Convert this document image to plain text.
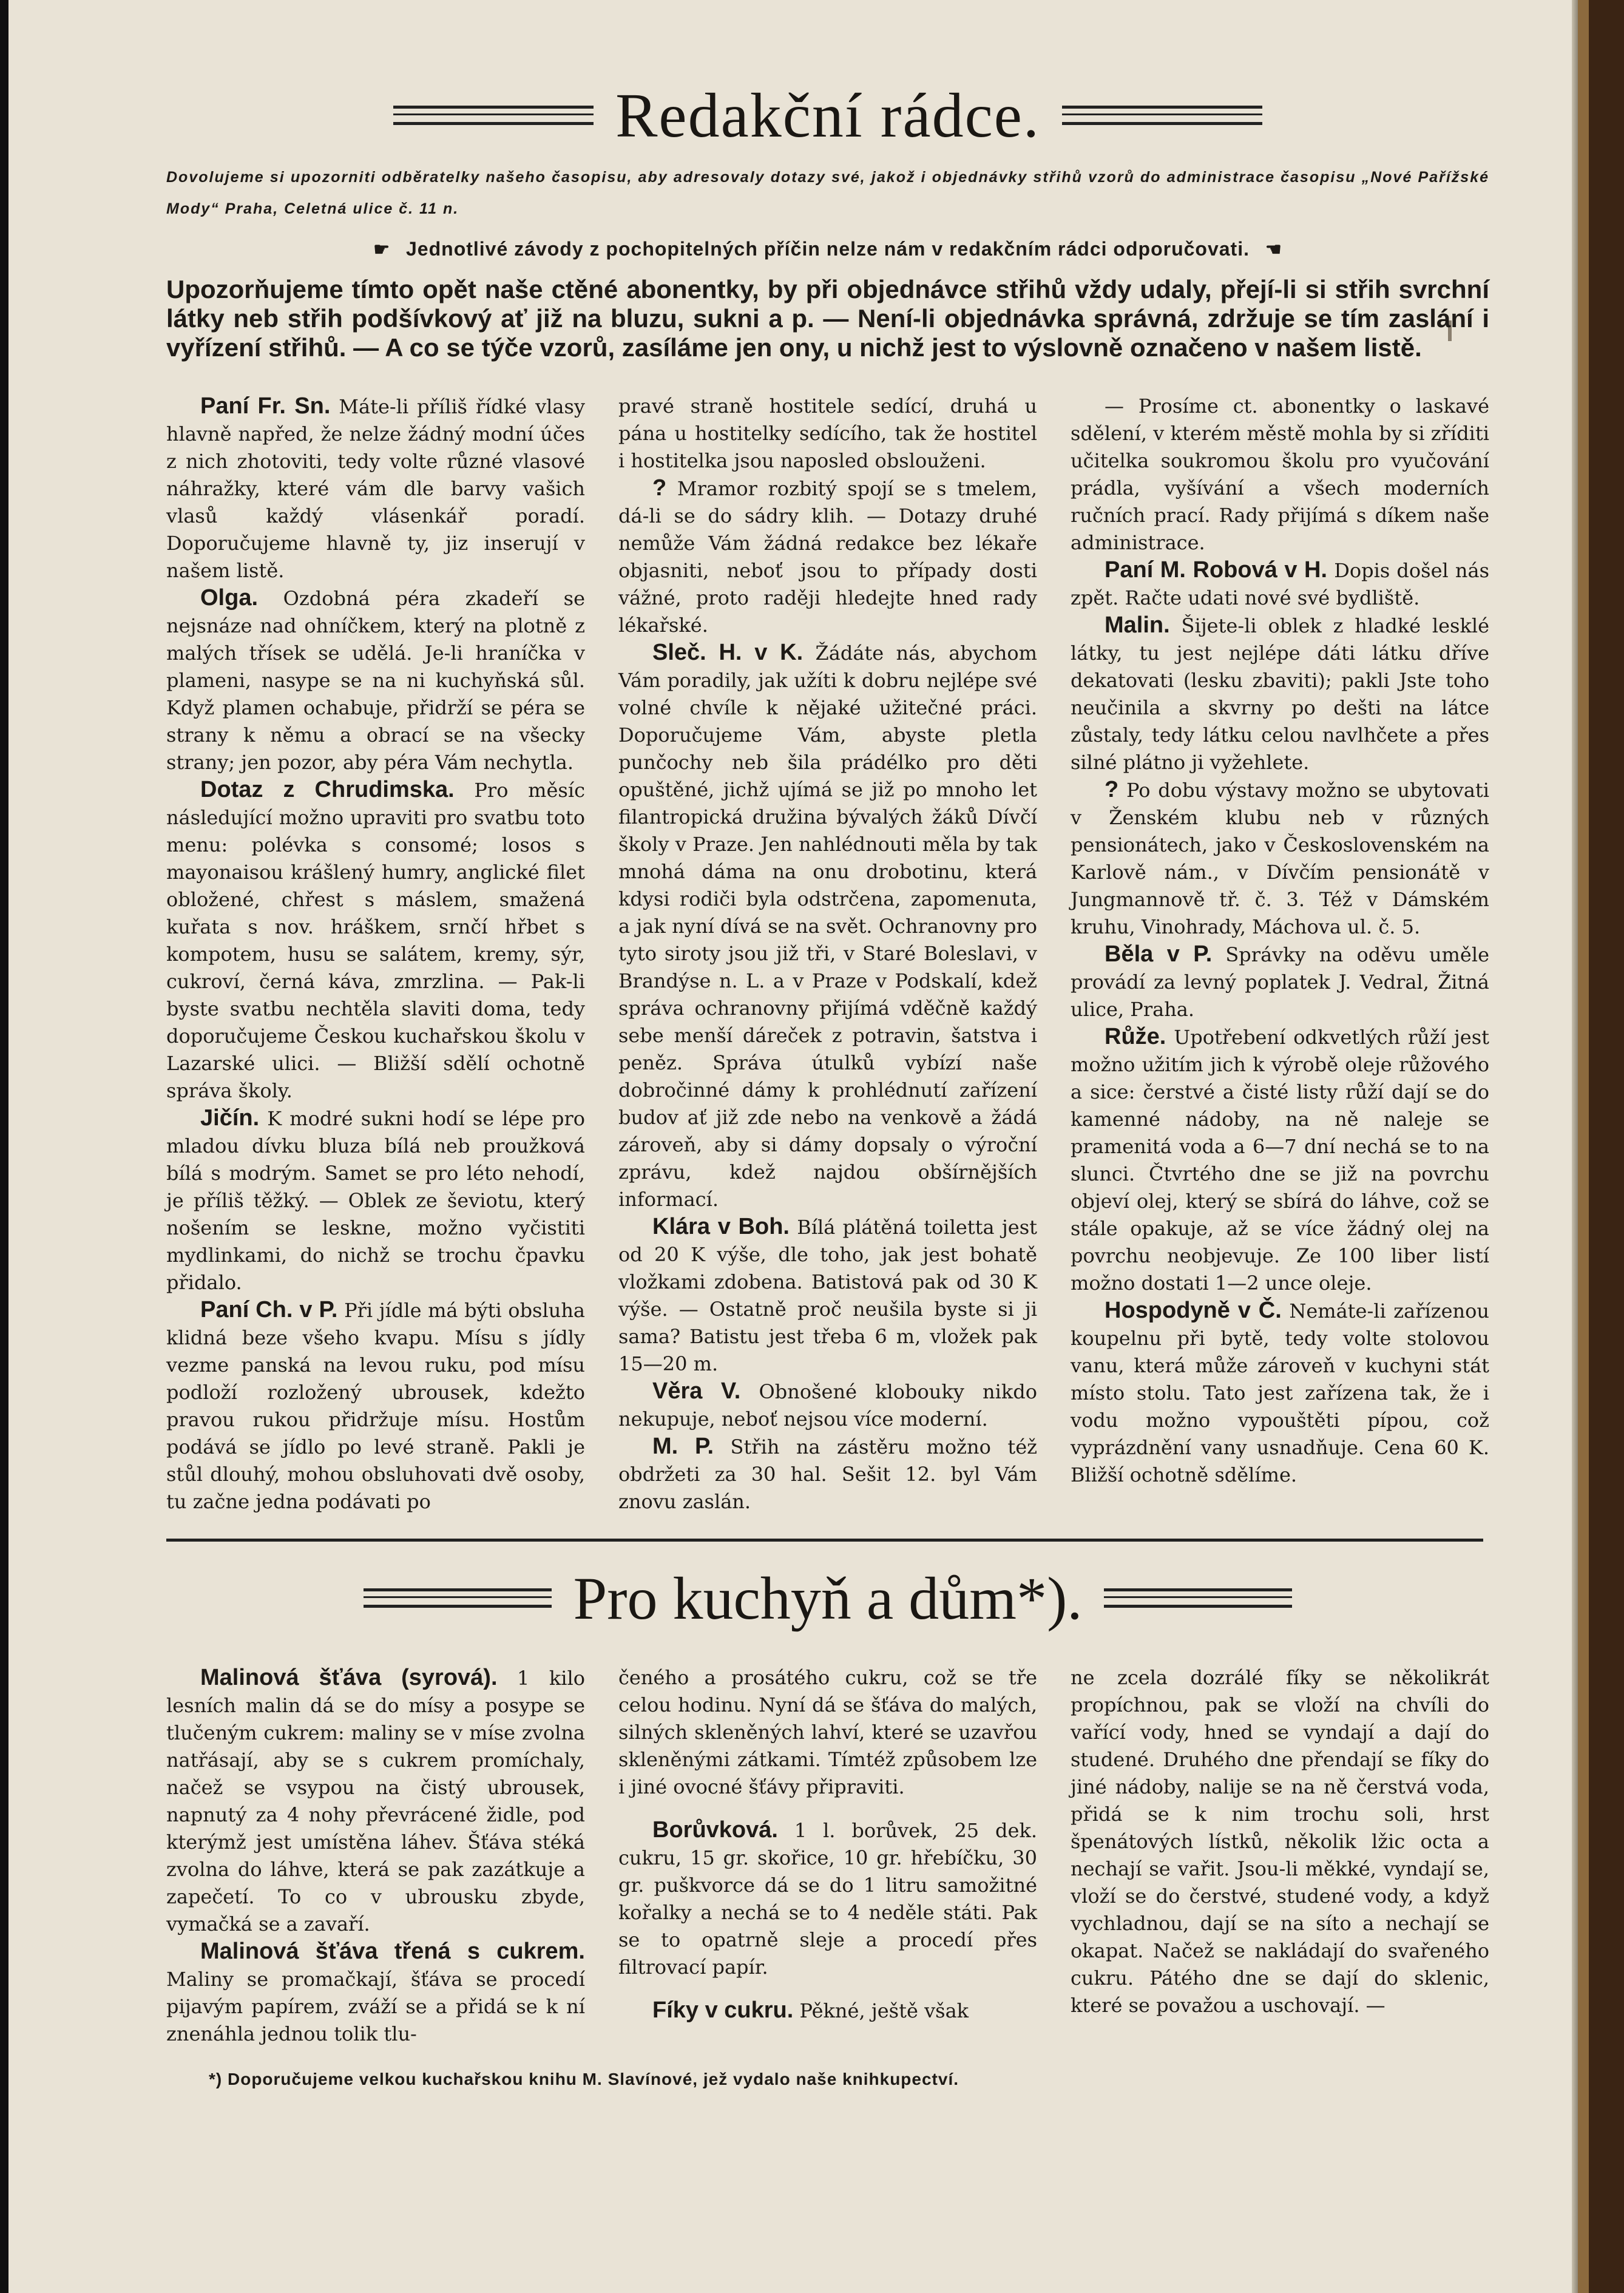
Redakční rádce.
Dovolujeme si upozorniti odběratelky našeho časopisu, aby adresovaly dotazy své, jakož i objednávky střihů vzorů do administrace časopisu „Nové Pařížské Mody“ Praha, Celetná ulice č. 11 n.
☛ Jednotlivé závody z pochopitelných příčin nelze nám v redakčním rádci odporučovati. ☚
Upozorňujeme tímto opět naše ctěné abonentky, by při objednávce střihů vždy udaly, přejí-li si střih svrchní látky neb střih podšívkový ať již na bluzu, sukni a p. — Není-li objednávka správná, zdržuje se tím zaslání i vyřízení střihů. — A co se týče vzorů, zasíláme jen ony, u nichž jest to výslovně označeno v našem listě.

Paní Fr. Sn. Máte-li příliš řídké vlasy hlavně napřed, že nelze žádný modní účes z nich zhotoviti, tedy volte různé vlasové náhražky, které vám dle barvy vašich vlasů každý vlásenkář poradí. Doporučujeme hlavně ty, jiz inserují v našem listě.

Olga. Ozdobná péra zkadeří se nejsnáze nad ohníčkem, který na plotně z malých třísek se udělá. Je-li hraníčka v plameni, nasype se na ni kuchyňská sůl. Když plamen ochabuje, přidrží se péra se strany k němu a obrací se na všecky strany; jen pozor, aby péra Vám nechytla.

Dotaz z Chrudimska. Pro měsíc následující možno upraviti pro svatbu toto menu: polévka s consomé; losos s mayonaisou krášlený humry, anglické filet obložené, chřest s máslem, smažená kuřata s nov. hráškem, srnčí hřbet s kompotem, husu se salátem, kremy, sýr, cukroví, černá káva, zmrzlina. — Pak-li byste svatbu nechtěla slaviti doma, tedy doporučujeme Českou kuchařskou školu v Lazarské ulici. — Bližší sdělí ochotně správa školy.

Jičín. K modré sukni hodí se lépe pro mladou dívku bluza bílá neb proužková bílá s modrým. Samet se pro léto nehodí, je příliš těžký. — Oblek ze ševiotu, který nošením se leskne, možno vyčistiti mydlinkami, do nichž se trochu čpavku přidalo.

Paní Ch. v P. Při jídle má býti obsluha klidná beze všeho kvapu. Mísu s jídly vezme panská na levou ruku, pod mísu podloží rozložený ubrousek, kdežto pravou rukou přidržuje mísu. Hostům podává se jídlo po levé straně. Pakli je stůl dlouhý, mohou obsluhovati dvě osoby, tu začne jedna podávati po

pravé straně hostitele sedící, druhá u pána u hostitelky sedícího, tak že hostitel i hostitelka jsou naposled obslouženi.

? Mramor rozbitý spojí se s tmelem, dá-li se do sádry klih. — Dotazy druhé nemůže Vám žádná redakce bez lékaře objasniti, neboť jsou to případy dosti vážné, proto raději hledejte hned rady lékařské.

Sleč. H. v K. Žádáte nás, abychom Vám poradily, jak užíti k dobru nejlépe své volné chvíle k nějaké užitečné práci. Doporučujeme Vám, abyste pletla punčochy neb šila prádélko pro děti opuštěné, jichž ujímá se již po mnoho let filantropická družina bývalých žáků Dívčí školy v Praze. Jen nahlédnouti měla by tak mnohá dáma na onu drobotinu, která kdysi rodiči byla odstrčena, zapomenuta, a jak nyní dívá se na svět. Ochranovny pro tyto siroty jsou již tři, v Staré Boleslavi, v Brandýse n. L. a v Praze v Podskalí, kdež správa ochranovny přijímá vděčně každý sebe menší dáreček z potravin, šatstva i peněz. Správa útulků vybízí naše dobročinné dámy k prohlédnutí zařízení budov ať již zde nebo na venkově a žádá zároveň, aby si dámy dopsaly o výroční zprávu, kdež najdou obšírnějších informací.

Klára v Boh. Bílá plátěná toiletta jest od 20 K výše, dle toho, jak jest bohatě vložkami zdobena. Batistová pak od 30 K výše. — Ostatně proč neušila byste si ji sama? Batistu jest třeba 6 m, vložek pak 15—20 m.

Věra V. Obnošené klobouky nikdo nekupuje, neboť nejsou více moderní.

M. P. Střih na zástěru možno též obdržeti za 30 hal. Sešit 12. byl Vám znovu zaslán.

— Prosíme ct. abonentky o laskavé sdělení, v kterém městě mohla by si zříditi učitelka soukromou školu pro vyučování prádla, vyšívání a všech moderních ručních prací. Rady přijímá s díkem naše administrace.

Paní M. Robová v H. Dopis došel nás zpět. Račte udati nové své bydliště.

Malin. Šijete-li oblek z hladké lesklé látky, tu jest nejlépe dáti látku dříve dekatovati (lesku zbaviti); pakli Jste toho neučinila a skvrny po dešti na látce zůstaly, tedy látku celou navlhčete a přes silné plátno ji vyžehlete.

? Po dobu výstavy možno se ubytovati v Ženském klubu neb v různých pensionátech, jako v Československém na Karlově nám., v Dívčím pensionátě v Jungmannově tř. č. 3. Též v Dámském kruhu, Vinohrady, Máchova ul. č. 5.

Běla v P. Správky na oděvu uměle provádí za levný poplatek J. Vedral, Žitná ulice, Praha.

Růže. Upotřebení odkvetlých růží jest možno užitím jich k výrobě oleje růžového a sice: čerstvé a čisté listy růží dají se do kamenné nádoby, na ně naleje se pramenitá voda a 6—7 dní nechá se to na slunci. Čtvrtého dne se již na povrchu objeví olej, který se sbírá do láhve, což se stále opakuje, až se více žádný olej na povrchu neobjevuje. Ze 100 liber listí možno dostati 1—2 unce oleje.

Hospodyně v Č. Nemáte-li zařízenou koupelnu při bytě, tedy volte stolovou vanu, která může zároveň v kuchyni stát místo stolu. Tato jest zařízena tak, že i vodu možno vypouštěti pípou, což vyprázdnění vany usnadňuje. Cena 60 K. Bližší ochotně sdělíme.

Pro kuchyň a dům*).

Malinová šťáva (syrová). 1 kilo lesních malin dá se do mísy a posype se tlučeným cukrem: maliny se v míse zvolna natřásají, aby se s cukrem promíchaly, načež se vsypou na čistý ubrousek, napnutý za 4 nohy převrácené židle, pod kterýmž jest umístěna láhev. Šťáva stéká zvolna do láhve, která se pak zazátkuje a zapečetí. To co v ubrousku zbyde, vymačká se a zavaří.

Malinová šťáva třená s cukrem. Maliny se promačkají, šťáva se procedí pijavým papírem, zváží se a přidá se k ní znenáhla jednou tolik tlu-

čeného a prosátého cukru, což se tře celou hodinu. Nyní dá se šťáva do malých, silných skleněných lahví, které se uzavřou skleněnými zátkami. Tímtéž způsobem lze i jiné ovocné šťávy připraviti.

Borůvková. 1 l. borůvek, 25 dek. cukru, 15 gr. skořice, 10 gr. hřebíčku, 30 gr. puškvorce dá se do 1 litru samožitné kořalky a nechá se to 4 neděle státi. Pak se to opatrně sleje a procedí přes filtrovací papír.

Fíky v cukru. Pěkné, ještě však

ne zcela dozrálé fíky se několikrát propíchnou, pak se vloží na chvíli do vařící vody, hned se vyndají a dají do studené. Druhého dne přendají se fíky do jiné nádoby, nalije se na ně čerstvá voda, přidá se k nim trochu soli, hrst špenátových lístků, několik lžic octa a nechají se vařit. Jsou-li měkké, vyndají se, vloží se do čerstvé, studené vody, a když vychladnou, dají se na síto a nechají se okapat. Načež se nakládají do svařeného cukru. Pátého dne se dají do sklenic, které se považou a uschovají. —

*) Doporučujeme velkou kuchařskou knihu M. Slavínové, jež vydalo naše knihkupectví.
